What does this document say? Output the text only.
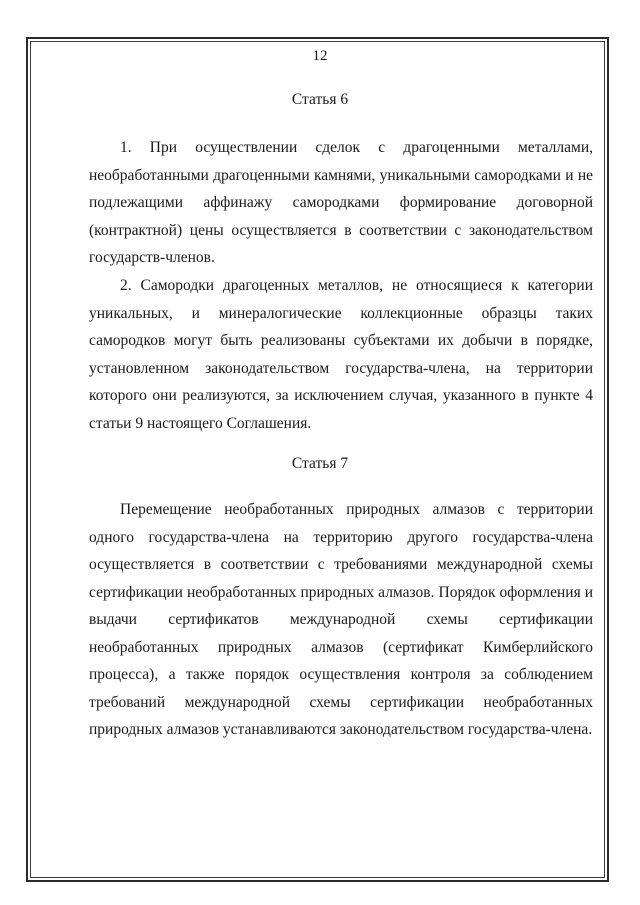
12
Статья 6

1. При осуществлении сделок с драгоценными металлами, необработанными драгоценными камнями, уникальными самородками и не подлежащими аффинажу самородками формирование договорной (контрактной) цены осуществляется в соответствии с законодательством государств-членов.

2. Самородки драгоценных металлов, не относящиеся к категории уникальных, и минералогические коллекционные образцы таких самородков могут быть реализованы субъектами их добычи в порядке, установленном законодательством государства-члена, на территории которого они реализуются, за исключением случая, указанного в пункте 4 статьи 9 настоящего Соглашения.

Статья 7

Перемещение необработанных природных алмазов с территории одного государства-члена на территорию другого государства-члена осуществляется в соответствии с требованиями международной схемы сертификации необработанных природных алмазов. Порядок оформления и выдачи сертификатов международной схемы сертификации необработанных природных алмазов (сертификат Кимберлийского процесса), а также порядок осуществления контроля за соблюдением требований международной схемы сертификации необработанных природных алмазов устанавливаются законодательством государства-члена.
